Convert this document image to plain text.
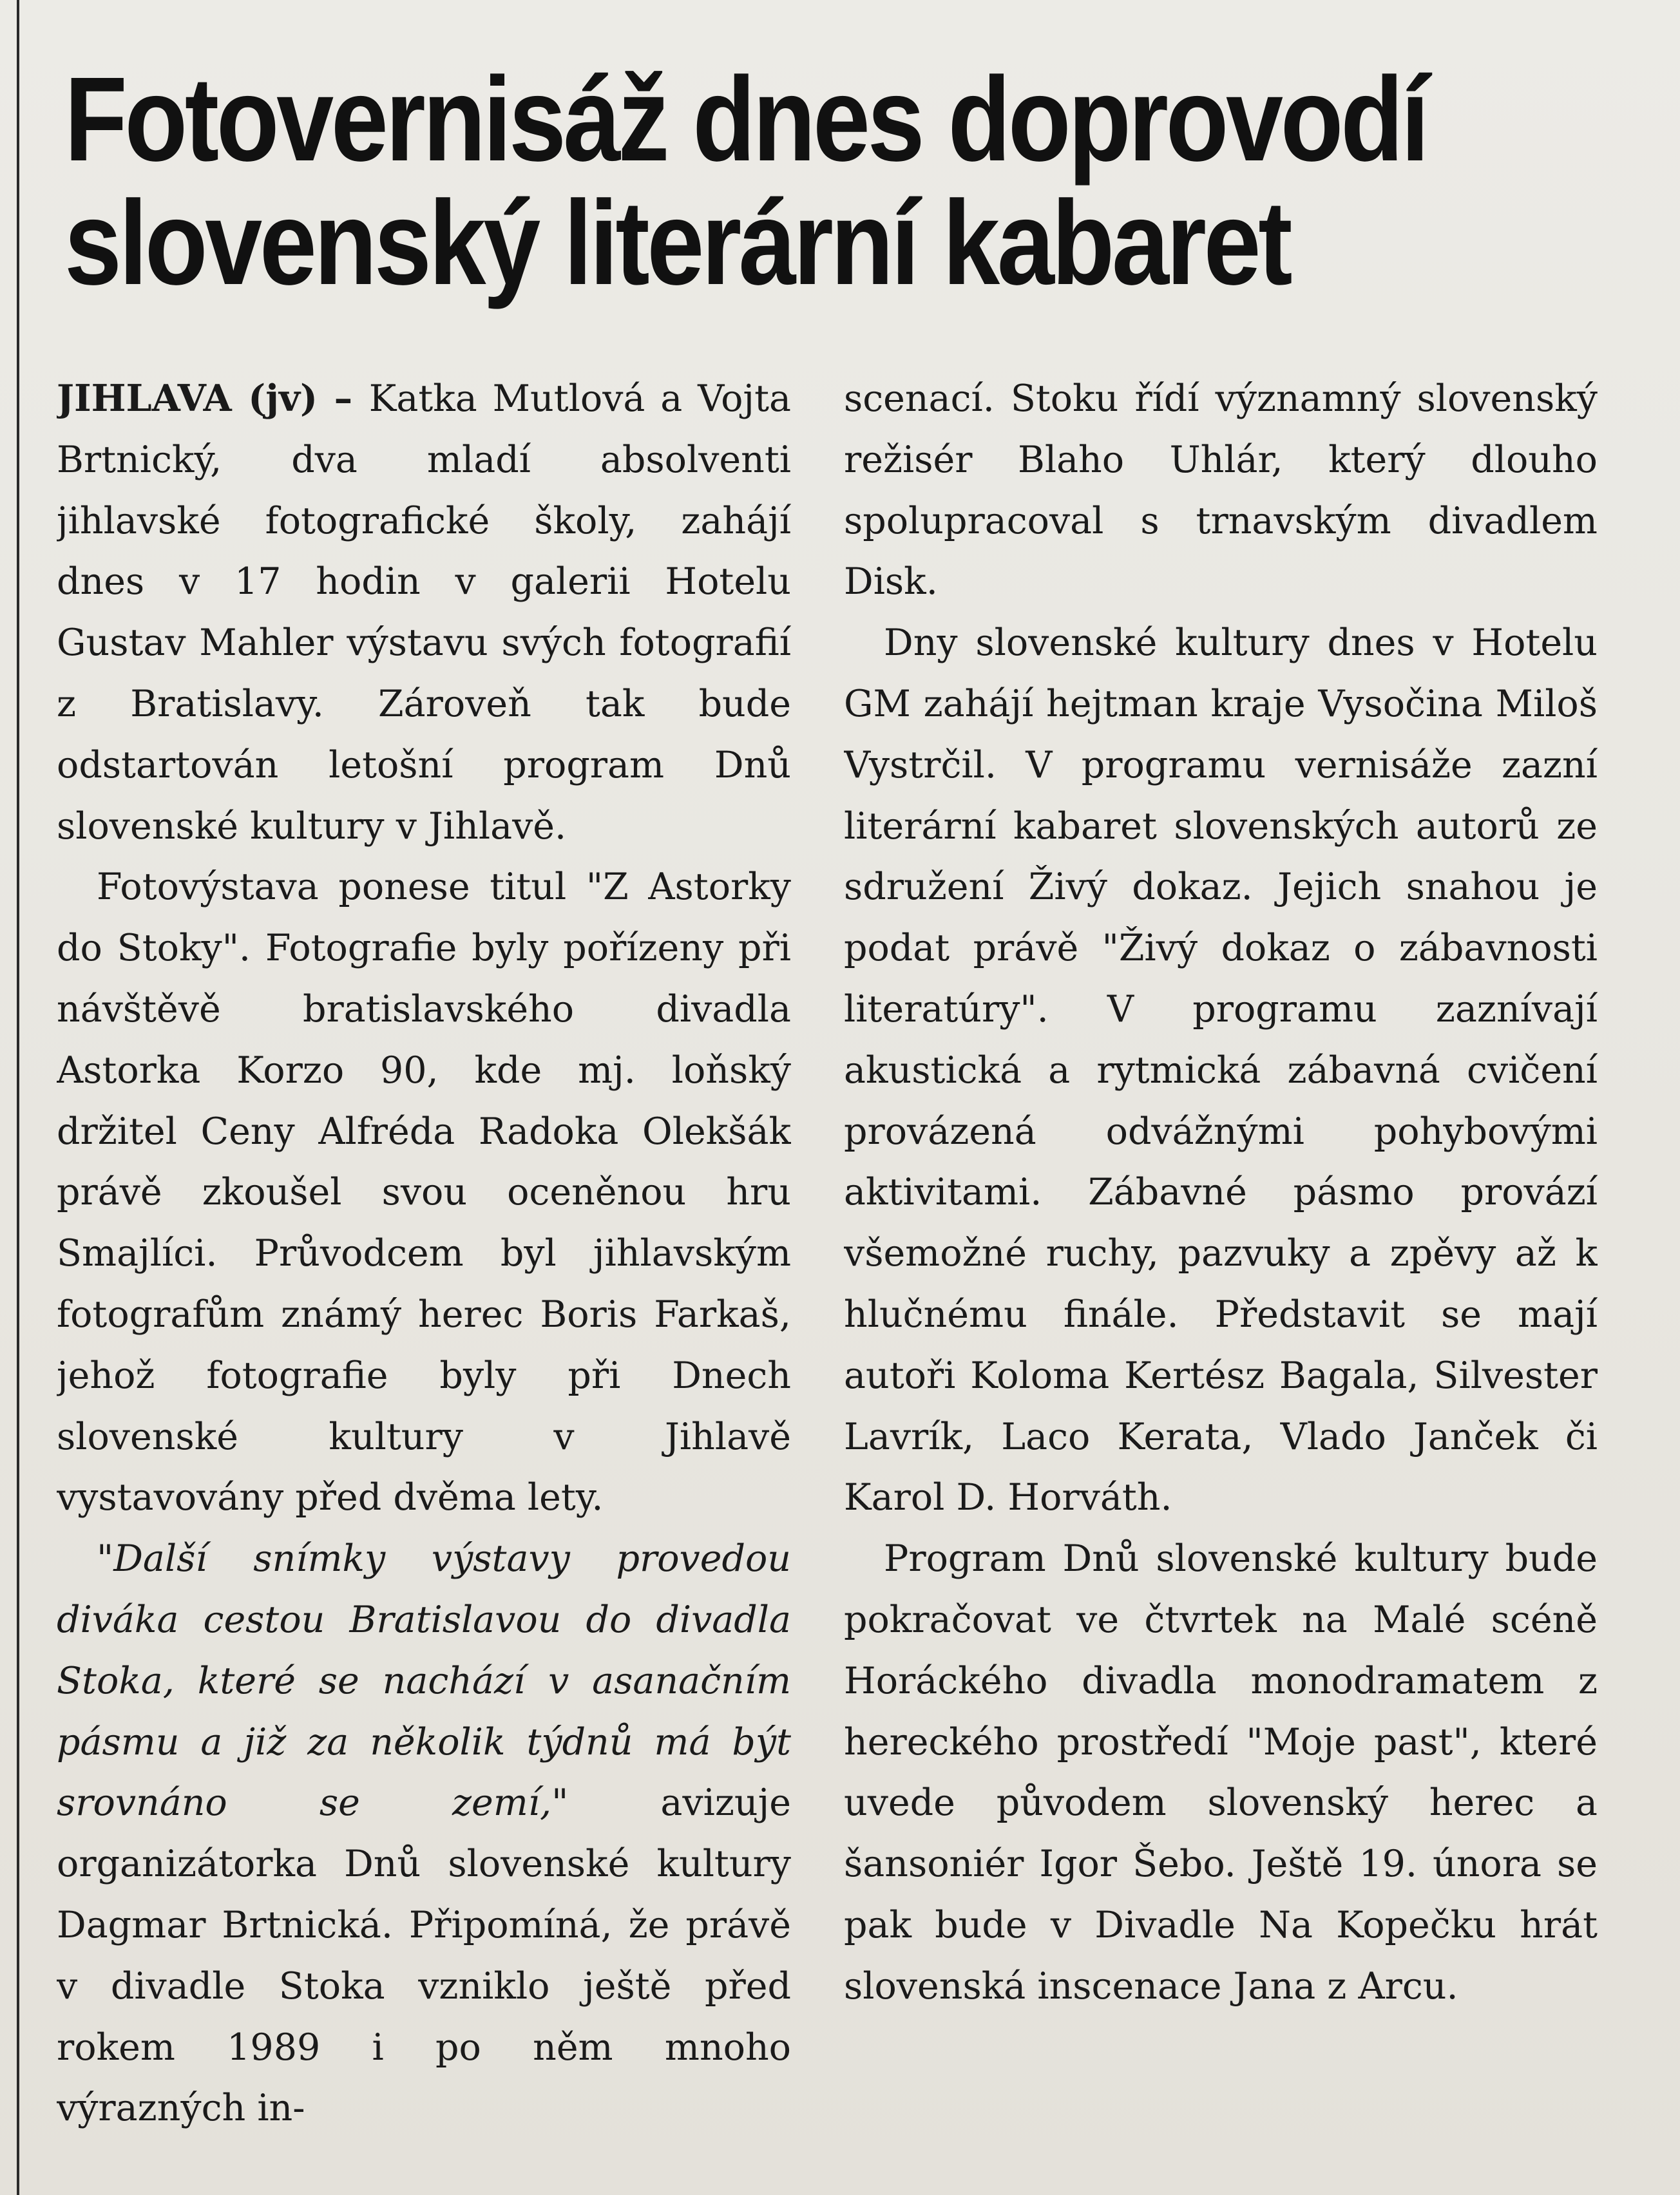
Fotovernisáž dnes doprovodí
slovenský literární kabaret

JIHLAVA (jv) – Katka Mutlová a Vojta Brtnický, dva mladí absolventi jihlavské fotografické školy, zahájí dnes v 17 hodin v galerii Hotelu Gustav Mahler výstavu svých fotografií z Bratislavy. Zároveň tak bude odstartován letošní program Dnů slovenské kultury v Jihlavě.

Fotovýstava ponese titul "Z Astorky do Stoky". Fotografie byly pořízeny při návštěvě bratislavského divadla Astorka Korzo 90, kde mj. loňský držitel Ceny Alfréda Radoka Olekšák právě zkoušel svou oceněnou hru Smajlíci. Průvodcem byl jihlavským fotografům známý herec Boris Farkaš, jehož fotografie byly při Dnech slovenské kultury v Jihlavě vystavovány před dvěma lety.

"Další snímky výstavy provedou diváka cestou Bratislavou do divadla Stoka, které se nachází v asanačním pásmu a již za několik týdnů má být srovnáno se zemí," avizuje organizátorka Dnů slovenské kultury Dagmar Brtnická. Připomíná, že právě v divadle Stoka vzniklo ještě před rokem 1989 i po něm mnoho výrazných in-

scenací. Stoku řídí významný slovenský režisér Blaho Uhlár, který dlouho spolupracoval s trnavským divadlem Disk.

Dny slovenské kultury dnes v Hotelu GM zahájí hejtman kraje Vysočina Miloš Vystrčil. V programu vernisáže zazní literární kabaret slovenských autorů ze sdružení Živý dokaz. Jejich snahou je podat právě "Živý dokaz o zábavnosti literatúry". V programu zaznívají akustická a rytmická zábavná cvičení provázená odvážnými pohybovými aktivitami. Zábavné pásmo provází všemožné ruchy, pazvuky a zpěvy až k hlučnému finále. Představit se mají autoři Koloma Kertész Bagala, Silvester Lavrík, Laco Kerata, Vlado Janček či Karol D. Horváth.

Program Dnů slovenské kultury bude pokračovat ve čtvrtek na Malé scéně Horáckého divadla monodramatem z hereckého prostředí "Moje past", které uvede původem slovenský herec a šansoniér Igor Šebo. Ještě 19. února se pak bude v Divadle Na Kopečku hrát slovenská inscenace Jana z Arcu.
